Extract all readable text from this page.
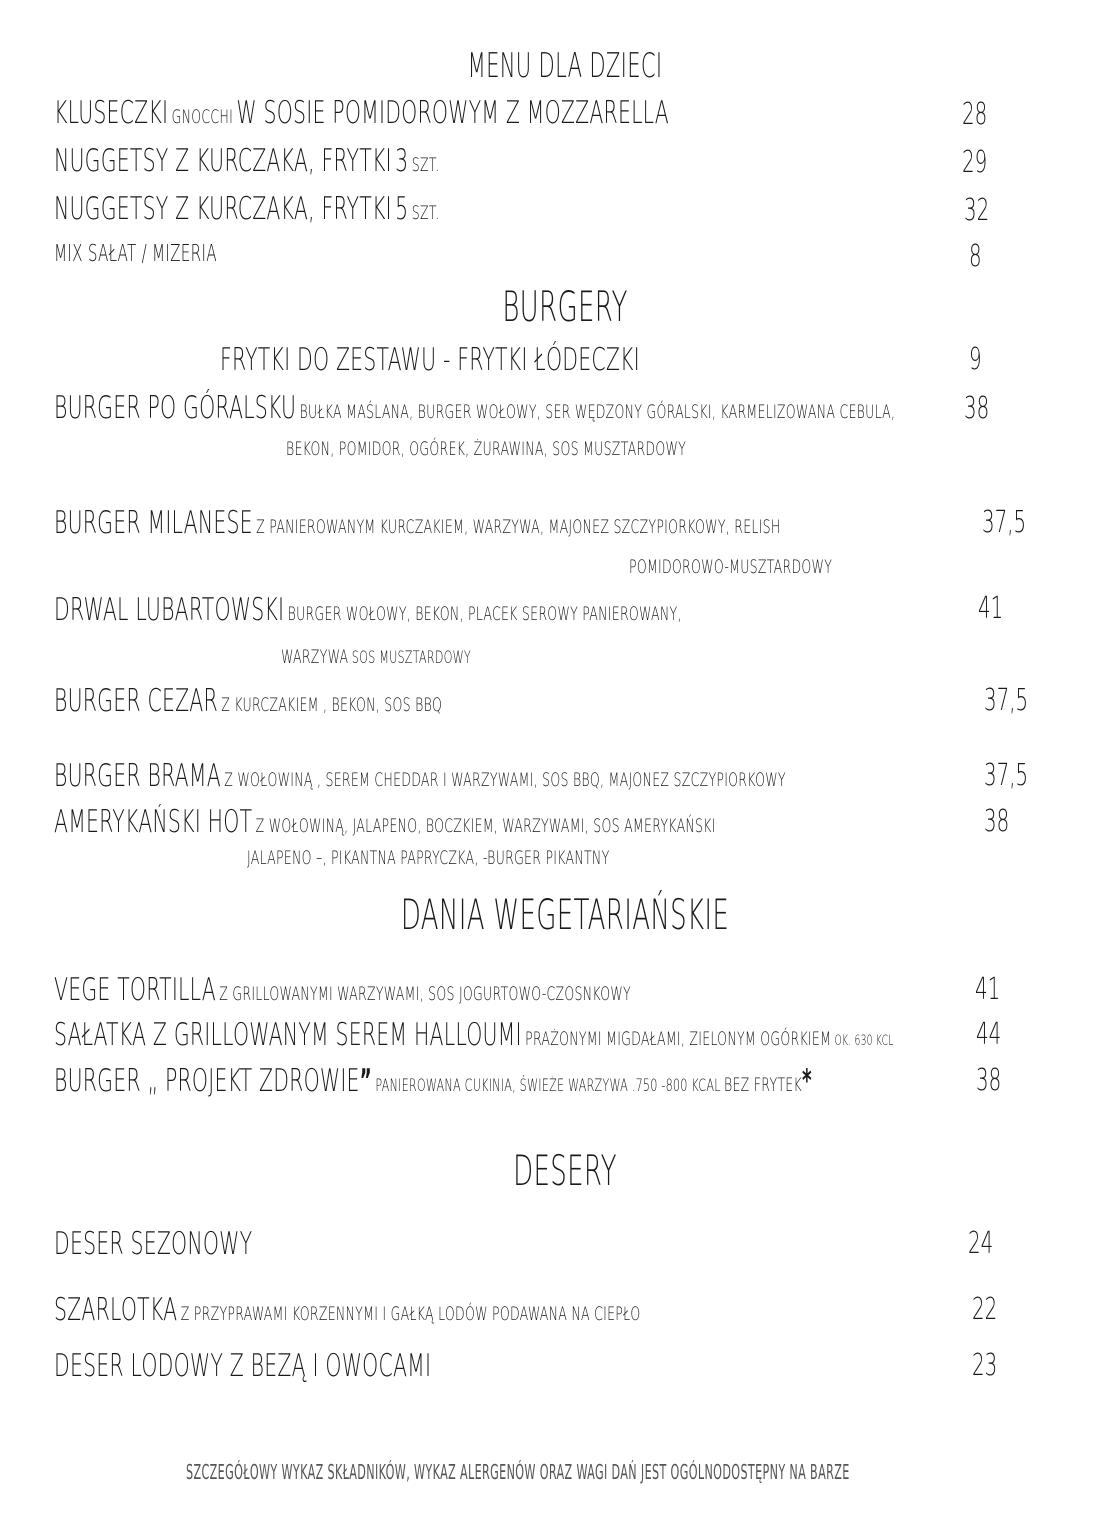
MENU DLA DZIECI
KLUSECZKI GNOCCHI W SOSIE POMIDOROWYM Z MOZZARELLA	28
NUGGETSY Z KURCZAKA, FRYTKI 3 SZT.	29
NUGGETSY Z KURCZAKA, FRYTKI 5 SZT.	32
MIX SAŁAT / MIZERIA	8
BURGERY
FRYTKI DO ZESTAWU - FRYTKI ŁÓDECZKI	9
BURGER PO GÓRALSKU BUŁKA MAŚLANA, BURGER WOŁOWY, SER WĘDZONY GÓRALSKI, KARMELIZOWANA CEBULA, 38
BEKON, POMIDOR, OGÓREK, ŻURAWINA, SOS MUSZTARDOWY
BURGER MILANESE Z PANIEROWANYM KURCZAKIEM, WARZYWA, MAJONEZ SZCZYPIORKOWY, RELISH	37,5
POMIDOROWO-MUSZTARDOWY
DRWAL LUBARTOWSKI BURGER WOŁOWY, BEKON, PLACEK SEROWY PANIEROWANY,	41
WARZYWA SOS MUSZTARDOWY
BURGER CEZAR Z KURCZAKIEM , BEKON, SOS BBQ	37,5
BURGER BRAMA Z WOŁOWINĄ , SEREM CHEDDAR I WARZYWAMI, SOS BBQ, MAJONEZ SZCZYPIORKOWY	37,5
AMERYKAŃSKI HOT Z WOŁOWINĄ, JALAPENO, BOCZKIEM, WARZYWAMI, SOS AMERYKAŃSKI	38
JALAPENO –, PIKANTNA PAPRYCZKA, -BURGER PIKANTNY
DANIA WEGETARIAŃSKIE
VEGE TORTILLA Z GRILLOWANYMI WARZYWAMI, SOS JOGURTOWO-CZOSNKOWY	41
SAŁATKA Z GRILLOWANYM SEREM HALLOUMI PRAŻONYMI MIGDAŁAMI, ZIELONYM OGÓRKIEM OK. 630 KCL	44
BURGER „ PROJEKT ZDROWIE” PANIEROWANA CUKINIA, ŚWIEŻE WARZYWA .750 -800 KCAL BEZ FRYTEK*	38
DESERY
DESER SEZONOWY	24
SZARLOTKA Z PRZYPRAWAMI KORZENNYMI I GAŁKĄ LODÓW PODAWANA NA CIEPŁO	22
DESER LODOWY Z BEZĄ I OWOCAMI	23
SZCZEGÓŁOWY WYKAZ SKŁADNIKÓW, WYKAZ ALERGENÓW ORAZ WAGI DAŃ JEST OGÓLNODOSTĘPNY NA BARZE
